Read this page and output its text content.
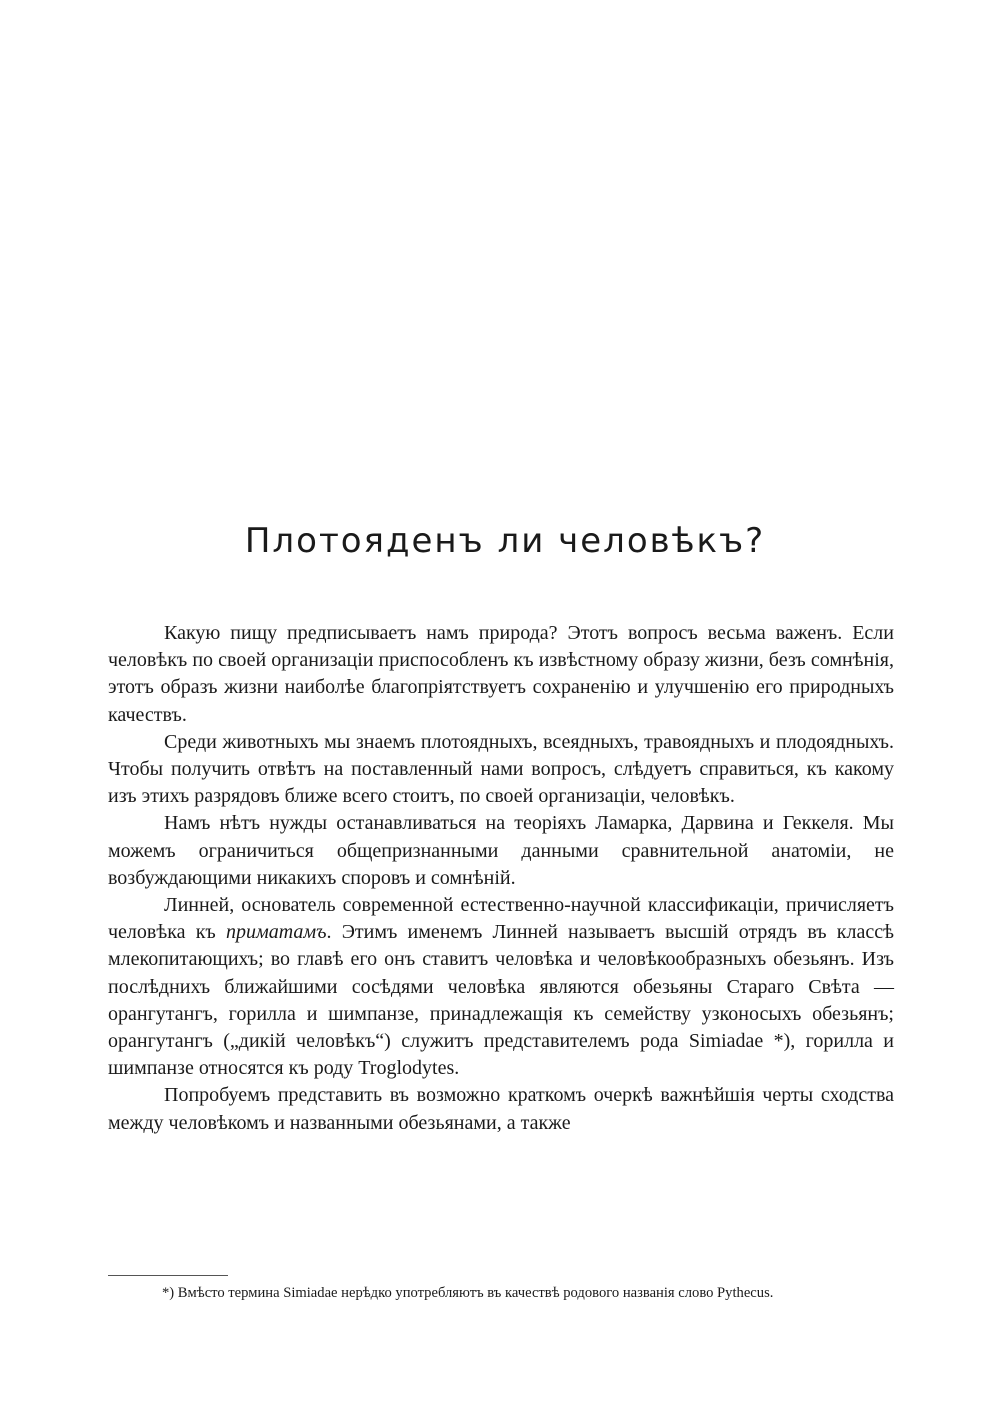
Плотояденъ ли человѣкъ?

Какую пищу предписываетъ намъ природа? Этотъ вопросъ весьма важенъ. Если человѣкъ по своей организаціи приспособленъ къ извѣстному образу жизни, безъ сомнѣнія, этотъ образъ жизни наиболѣе благопріятствуетъ сохраненію и улучшенію его природныхъ качествъ.

Среди животныхъ мы знаемъ плотоядныхъ, всеядныхъ, травоядныхъ и плодоядныхъ. Чтобы получить отвѣтъ на поставленный нами вопросъ, слѣдуетъ справиться, къ какому изъ этихъ разрядовъ ближе всего стоитъ, по своей организаціи, человѣкъ.

Намъ нѣтъ нужды останавливаться на теоріяхъ Ламарка, Дарвина и Геккеля. Мы можемъ ограничиться общепризнанными данными сравнительной анатоміи, не возбуждающими никакихъ споровъ и сомнѣній.

Линней, основатель современной естественно-научной классификаціи, причисляетъ человѣка къ приматамъ. Этимъ именемъ Линней называетъ высшій отрядъ въ классѣ млекопитающихъ; во главѣ его онъ ставитъ человѣка и человѣкообразныхъ обезьянъ. Изъ послѣднихъ ближайшими сосѣдями человѣка являются обезьяны Стараго Свѣта — орангутангъ, горилла и шимпанзе, принадлежащія къ семейству узконосыхъ обезьянъ; орангутангъ („дикій человѣкъ“) служитъ представителемъ рода Simiadae *), горилла и шимпанзе относятся къ роду Troglodytes.

Попробуемъ представить въ возможно краткомъ очеркѣ важнѣйшія черты сходства между человѣкомъ и названными обезьянами, а также

*) Вмѣсто термина Simiadae нерѣдко употребляютъ въ качествѣ родового названія слово Pythecus.
